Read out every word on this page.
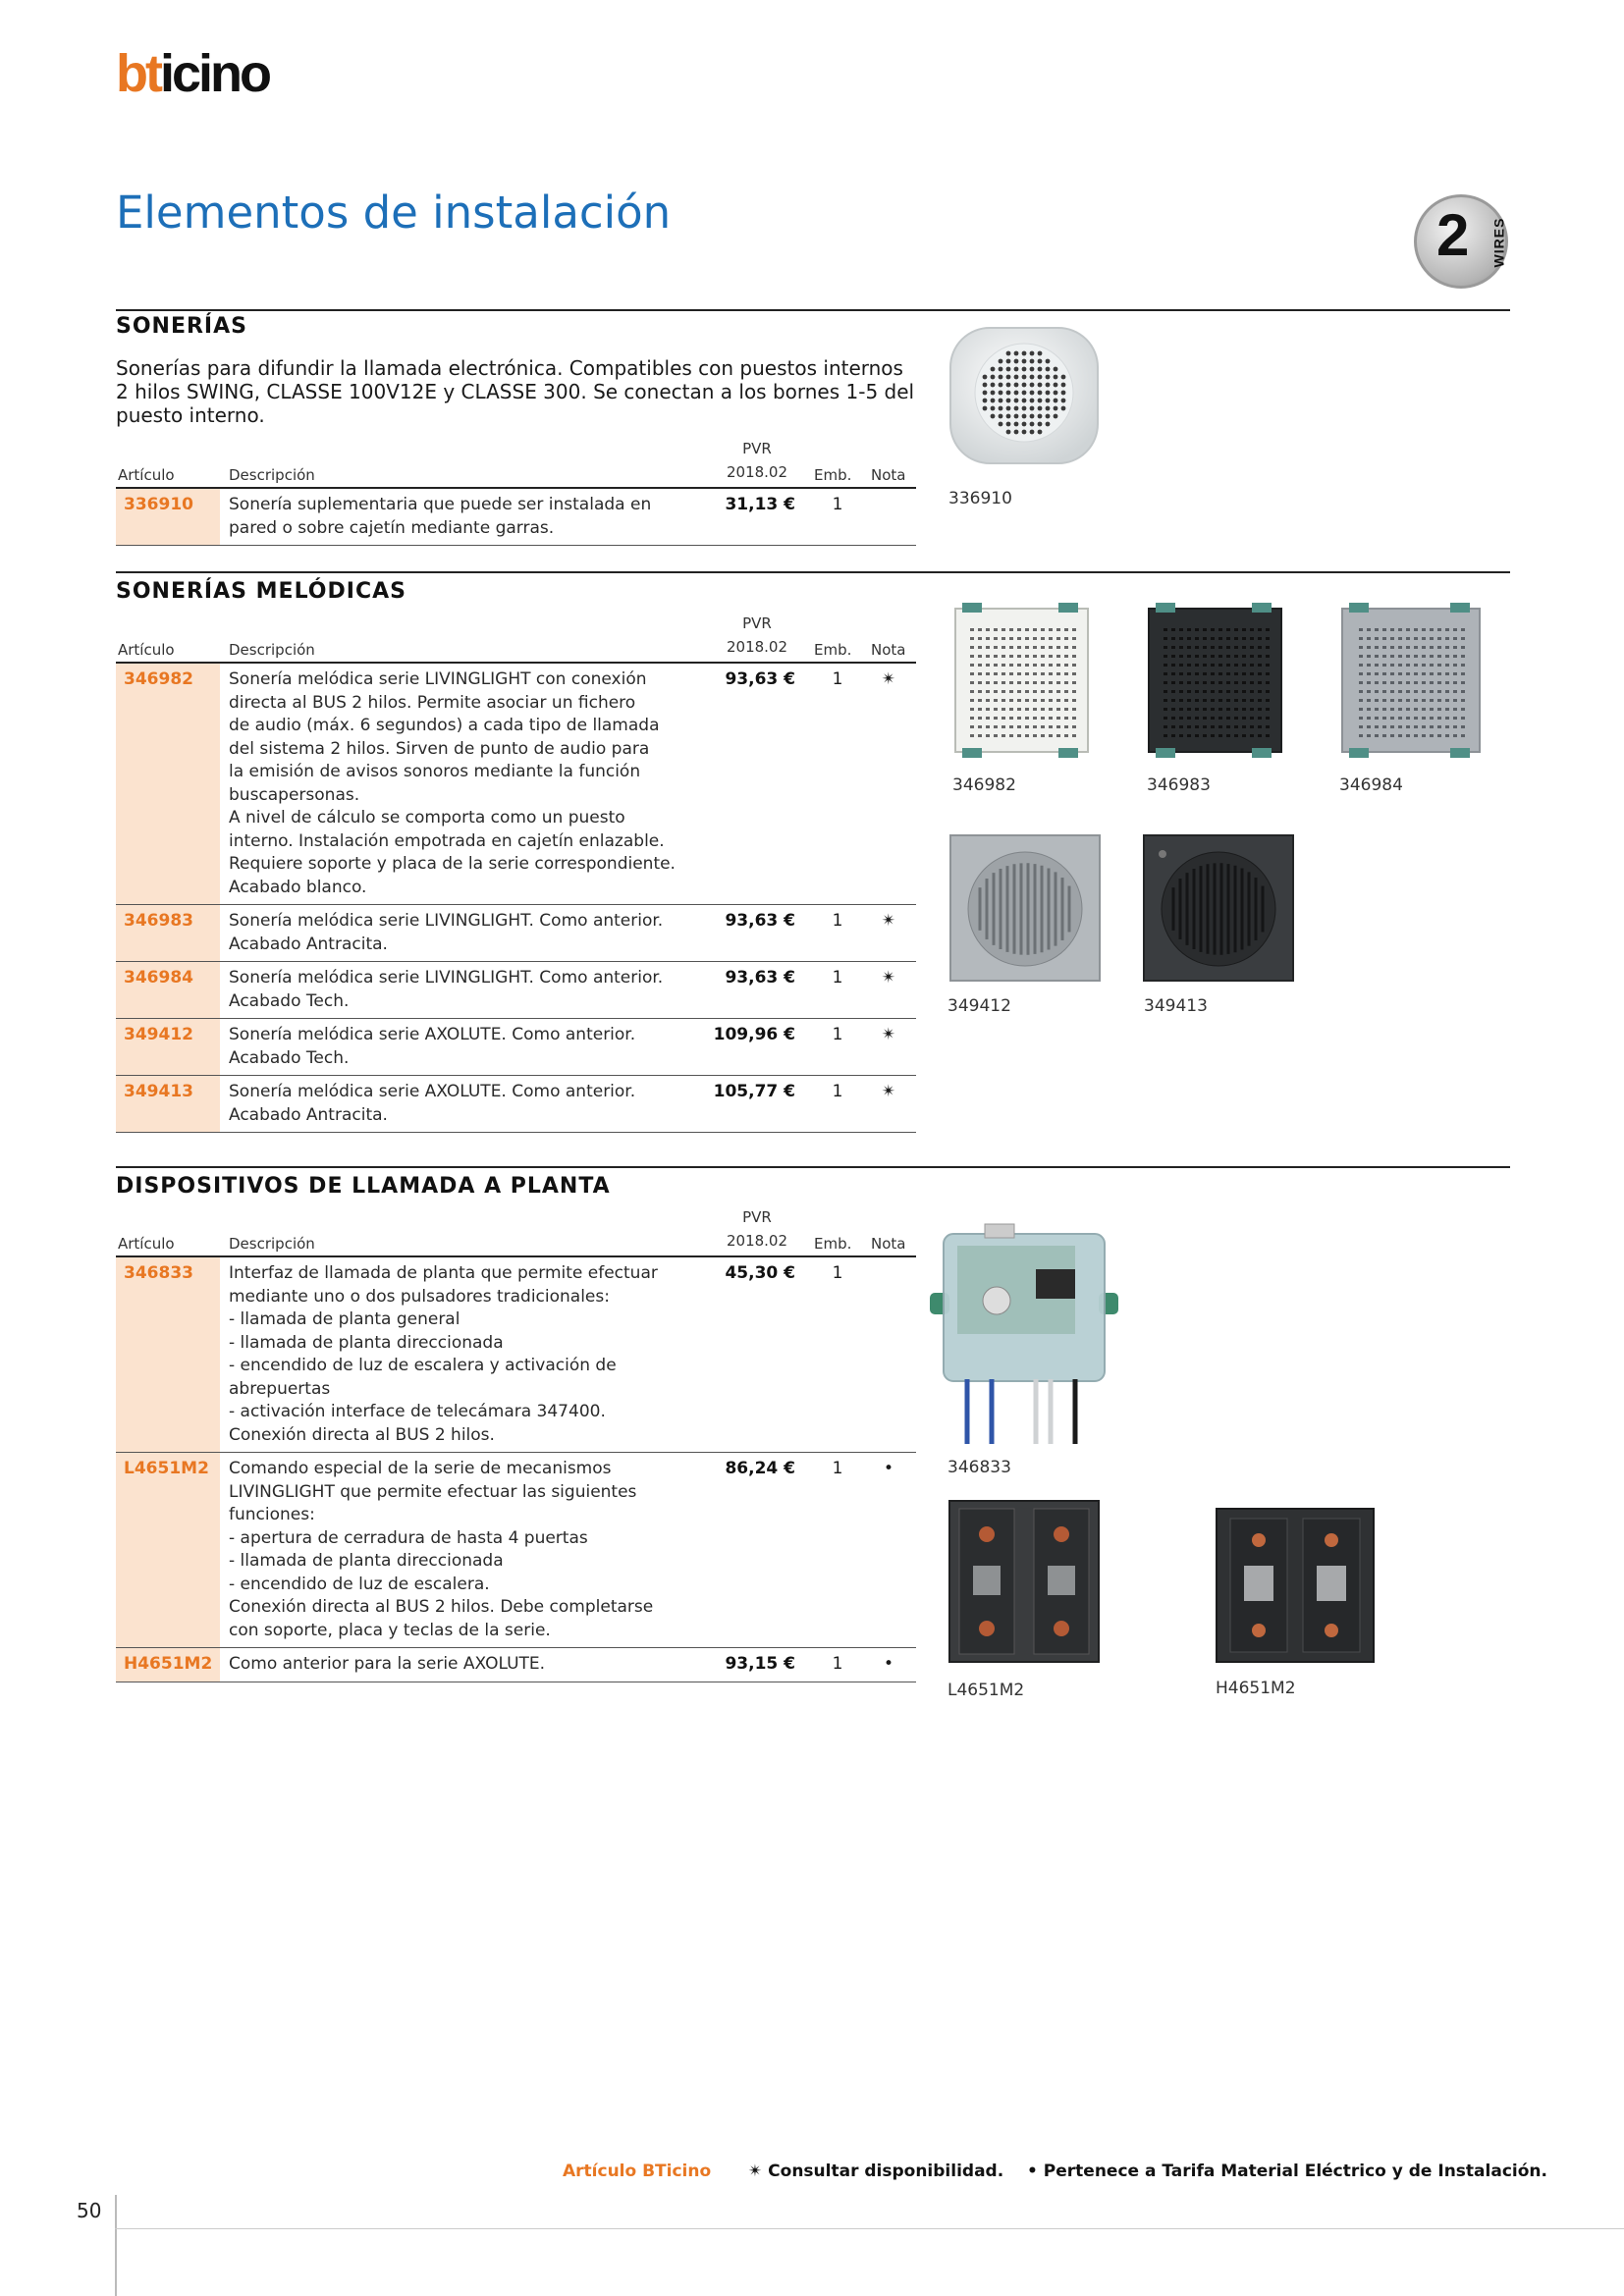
bticino
Elementos de instalación	2 WIRES
SONERÍAS
Sonerías para difundir la llamada electrónica. Compatibles con puestos internos 2 hilos SWING, CLASSE 100V12E y CLASSE 300. Se conectan a los bornes 1-5 del puesto interno.
Artículo	Descripción
PVR
2018.02 Emb. Nota
336910	Sonería suplementaria que puede ser instalada en
pared o sobre cajetín mediante garras.
31,13 €	1
SONERÍAS MELÓDICAS
Artículo	Descripción
PVR
2018.02 Emb. Nota
346982	Sonería melódica serie LIVINGLIGHT con conexión
directa al BUS 2 hilos. Permite asociar un fichero
de audio (máx. 6 segundos) a cada tipo de llamada
del sistema 2 hilos. Sirven de punto de audio para
la emisión de avisos sonoros mediante la función
buscapersonas.
A nivel de cálculo se comporta como un puesto
interno. Instalación empotrada en cajetín enlazable.
Requiere soporte y placa de la serie correspondiente.
Acabado blanco.
93,63 €	1	✴
346983	Sonería melódica serie LIVINGLIGHT. Como anterior.
Acabado Antracita.
93,63 €	1	✴
346984	Sonería melódica serie LIVINGLIGHT. Como anterior.
Acabado Tech.
93,63 €	1	✴
349412	Sonería melódica serie AXOLUTE. Como anterior.
Acabado Tech.
109,96 €	1	✴
349413	Sonería melódica serie AXOLUTE. Como anterior.
Acabado Antracita.
105,77 €	1	✴
DISPOSITIVOS DE LLAMADA A PLANTA
Artículo	Descripción
PVR
2018.02 Emb. Nota
346833	Interfaz de llamada de planta que permite efectuar
mediante uno o dos pulsadores tradicionales:
- llamada de planta general
- llamada de planta direccionada
- encendido de luz de escalera y activación de
abrepuertas
- activación interface de telecámara 347400.
Conexión directa al BUS 2 hilos.
45,30 €	1
L4651M2	Comando especial de la serie de mecanismos
LIVINGLIGHT que permite efectuar las siguientes
funciones:
- apertura de cerradura de hasta 4 puertas
- llamada de planta direccionada
- encendido de luz de escalera.
Conexión directa al BUS 2 hilos. Debe completarse
con soporte, placa y teclas de la serie.
86,24 €	1	•
H4651M2 Como anterior para la serie AXOLUTE.	93,15 €	1	•
336910
346982	346983	346984
349412	349413
346833
L4651M2	H4651M2
Artículo BTicino ✴ Consultar disponibilidad. • Pertenece a Tarifa Material Eléctrico y de Instalación.
50
